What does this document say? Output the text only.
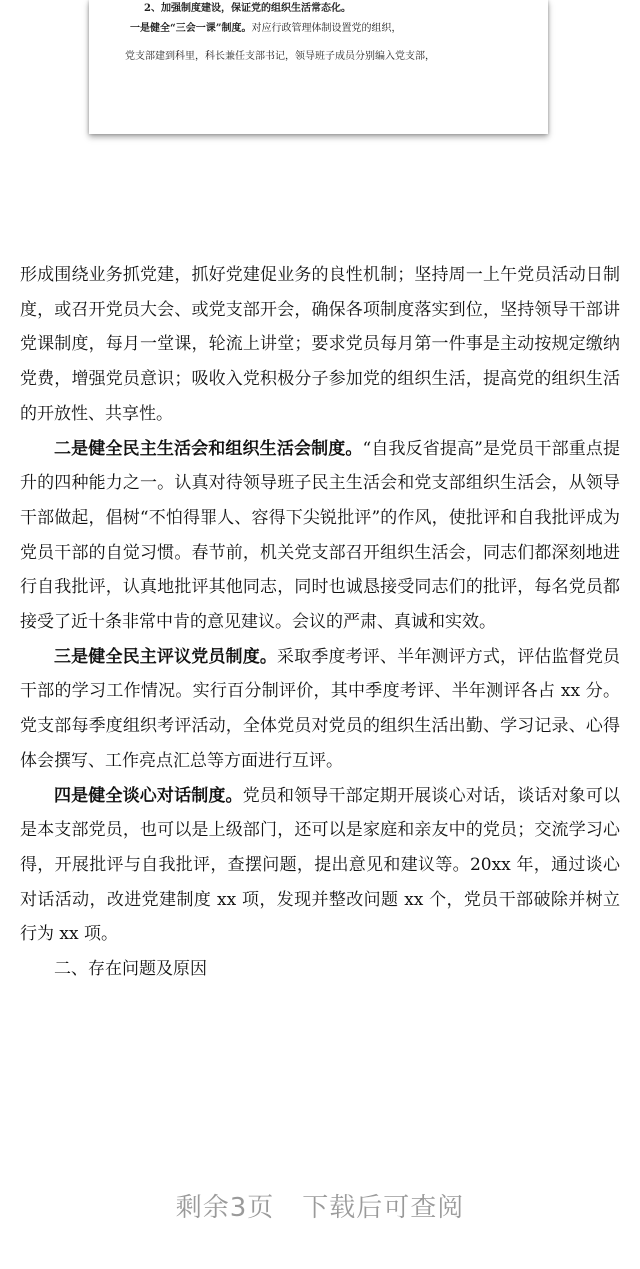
2、加强制度建设，保证党的组织生活常态化。
一是健全“三会一课”制度。对应行政管理体制设置党的组织，
党支部建到科里，科长兼任支部书记，领导班子成员分别编入党支部，

形成围绕业务抓党建，抓好党建促业务的良性机制；坚持周一上午党员活动日制度，或召开党员大会、或党支部开会，确保各项制度落实到位，坚持领导干部讲党课制度，每月一堂课，轮流上讲堂；要求党员每月第一件事是主动按规定缴纳党费，增强党员意识；吸收入党积极分子参加党的组织生活，提高党的组织生活的开放性、共享性。

二是健全民主生活会和组织生活会制度。“自我反省提高”是党员干部重点提升的四种能力之一。认真对待领导班子民主生活会和党支部组织生活会，从领导干部做起，倡树“不怕得罪人、容得下尖锐批评”的作风，使批评和自我批评成为党员干部的自觉习惯。春节前，机关党支部召开组织生活会，同志们都深刻地进行自我批评，认真地批评其他同志，同时也诚恳接受同志们的批评，每名党员都接受了近十条非常中肯的意见建议。会议的严肃、真诚和实效。

三是健全民主评议党员制度。采取季度考评、半年测评方式，评估监督党员干部的学习工作情况。实行百分制评价，其中季度考评、半年测评各占 xx 分。党支部每季度组织考评活动，全体党员对党员的组织生活出勤、学习记录、心得体会撰写、工作亮点汇总等方面进行互评。

四是健全谈心对话制度。党员和领导干部定期开展谈心对话，谈话对象可以是本支部党员，也可以是上级部门，还可以是家庭和亲友中的党员；交流学习心得，开展批评与自我批评，查摆问题，提出意见和建议等。20xx 年，通过谈心对话活动，改进党建制度 xx 项，发现并整改问题 xx 个，党员干部破除并树立行为 xx 项。

二、存在问题及原因

剩余3页 下载后可查阅
